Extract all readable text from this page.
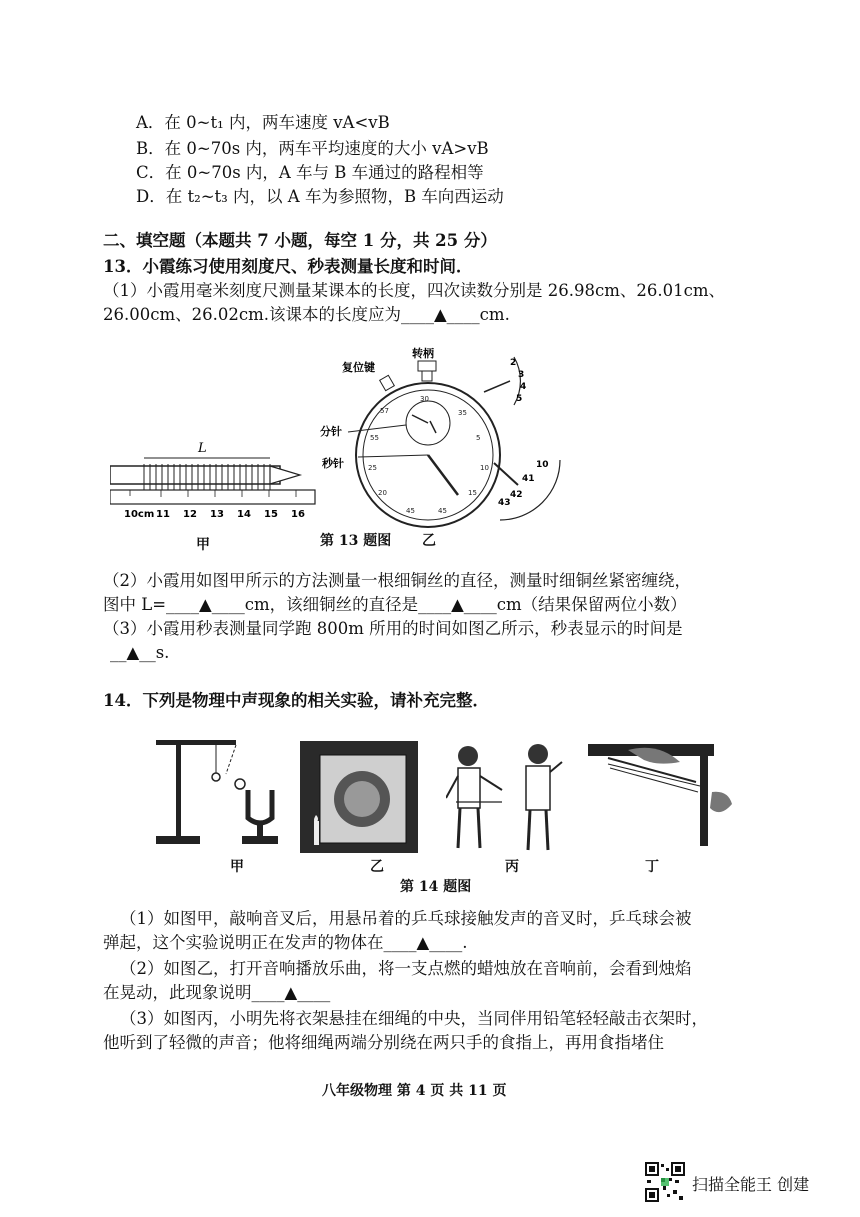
A．在 0~t₁ 内，两车速度 vA<vB
B．在 0~70s 内，两车平均速度的大小 vA>vB
C．在 0~70s 内，A 车与 B 车通过的路程相等
D．在 t₂~t₃ 内，以 A 车为参照物，B 车向西运动
二、填空题（本题共 7 小题，每空 1 分，共 25 分）
13．小霞练习使用刻度尺、秒表测量长度和时间．
（1）小霞用毫米刻度尺测量某课本的长度，四次读数分别是 26.98cm、26.01cm、
26.00cm、26.02cm.该课本的长度应为____▲____cm.
L
10cm 11 12 13 14 15 16
甲
转柄
复位键
分针
秒针
30
35
5
10
15
45
45
20
25
55
57
2
3
4
5
10
41
42
43
第 13 题图 乙
（2）小霞用如图甲所示的方法测量一根细铜丝的直径，测量时细铜丝紧密缠绕，
图中 L=____▲____cm，该细铜丝的直径是____▲____cm（结果保留两位小数）
（3）小霞用秒表测量同学跑 800m 所用的时间如图乙所示，秒表显示的时间是
__▲__s.
14．下列是物理中声现象的相关实验，请补充完整．
甲	乙	丙	丁
第 14 题图
（1）如图甲，敲响音叉后，用悬吊着的乒乓球接触发声的音叉时，乒乓球会被
弹起，这个实验说明正在发声的物体在____▲____.
（2）如图乙，打开音响播放乐曲，将一支点燃的蜡烛放在音响前，会看到烛焰
在晃动，此现象说明____▲____
（3）如图丙，小明先将衣架悬挂在细绳的中央，当同伴用铅笔轻轻敲击衣架时，
他听到了轻微的声音；他将细绳两端分别绕在两只手的食指上，再用食指堵住
八年级物理 第 4 页 共 11 页
扫描全能王 创建
